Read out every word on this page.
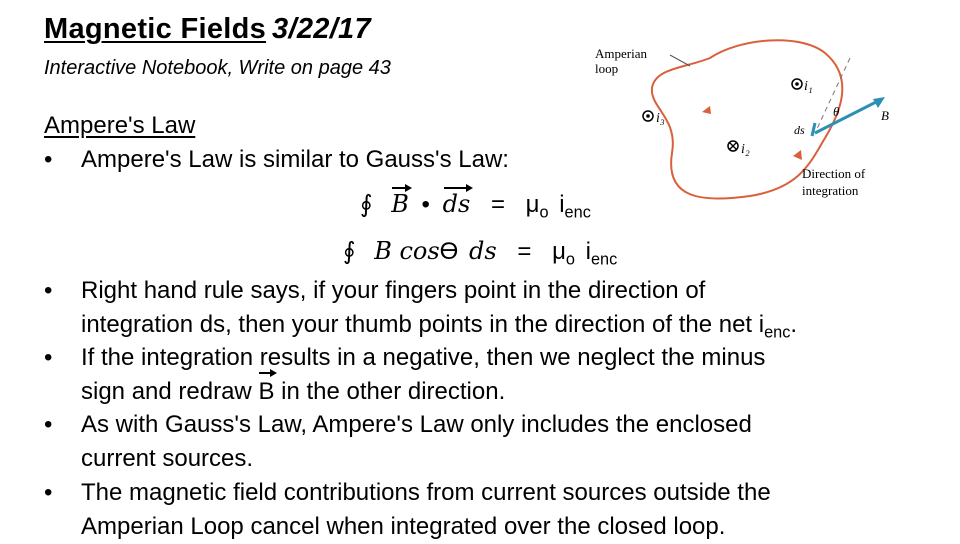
Magnetic Fields 3/22/17
Interactive Notebook, Write on page 43
Ampere's Law
• Ampere's Law is similar to Gauss's Law:
∮ B • ds = $\mu_o$ $i_{enc}$
∮ B cosϴ ds = $\mu_o$ $i_{enc}$
• Right hand rule says, if your fingers point in the direction of
integration ds, then your thumb points in the direction of the net $i_{enc}$.
• If the integration results in a negative, then we neglect the minus
sign and redraw B in the other direction.
• As with Gauss's Law, Ampere's Law only includes the enclosed
current sources.
• The magnetic field contributions from current sources outside the
Amperian Loop cancel when integrated over the closed loop.
Amperian
loop
i₁
i₂
i₃	θ
ds
B
Direction of
integration
